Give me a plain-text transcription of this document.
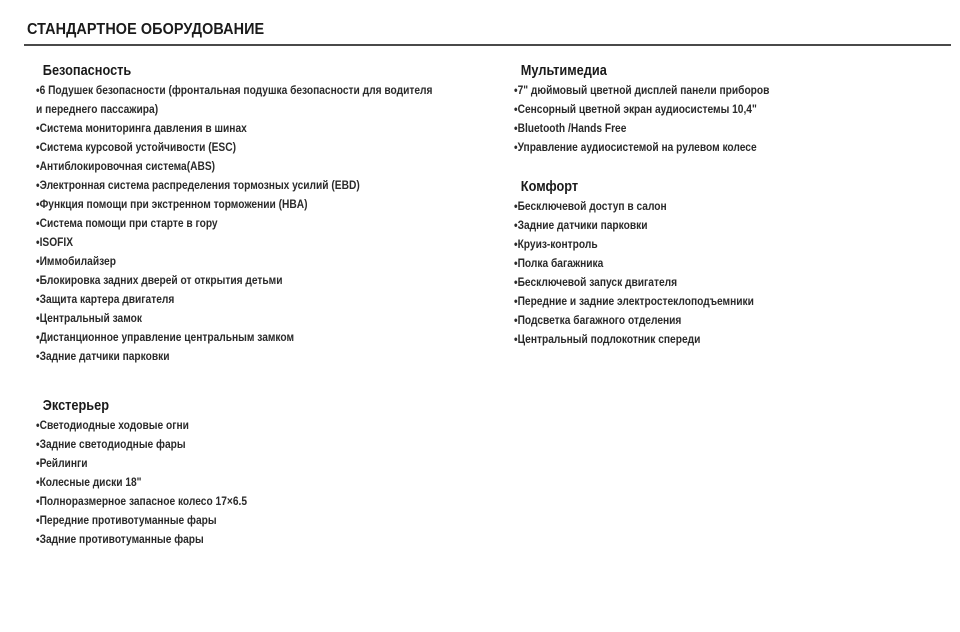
СТАНДАРТНОЕ ОБОРУДОВАНИЕ
Безопасность
• 6 Подушек безопасности (фронтальная подушка безопасности для водителя
и переднего пассажира)
• Система мониторинга давления в шинах
• Система курсовой устойчивости (ESC)
• Антиблокировочная система(ABS)
• Электронная система распределения тормозных усилий (EBD)
• Функция помощи при экстренном торможении (HBA)
• Система помощи при старте в гору
• ISOFIX
• Иммобилайзер
• Блокировка задних дверей от открытия детьми
• Защита картера двигателя
• Центральный замок
• Дистанционное управление центральным замком
• Задние датчики парковки
Экстерьер
• Светодиодные ходовые огни
• Задние светодиодные фары
• Рейлинги
• Колесные диски 18"
• Полноразмерное запасное колесо 17×6.5
• Передние противотуманные фары
• Задние противотуманные фары
Мультимедиа
• 7" дюймовый цветной дисплей панели приборов
• Сенсорный цветной экран аудиосистемы 10,4"
• Bluetooth /Hands Free
• Управление аудиосистемой на рулевом колесе
Комфорт
• Бесключевой доступ в салон
• Задние датчики парковки
• Круиз-контроль
• Полка багажника
• Бесключевой запуск двигателя
• Передние и задние электростеклоподъемники
• Подсветка багажного отделения
• Центральный подлокотник спереди
